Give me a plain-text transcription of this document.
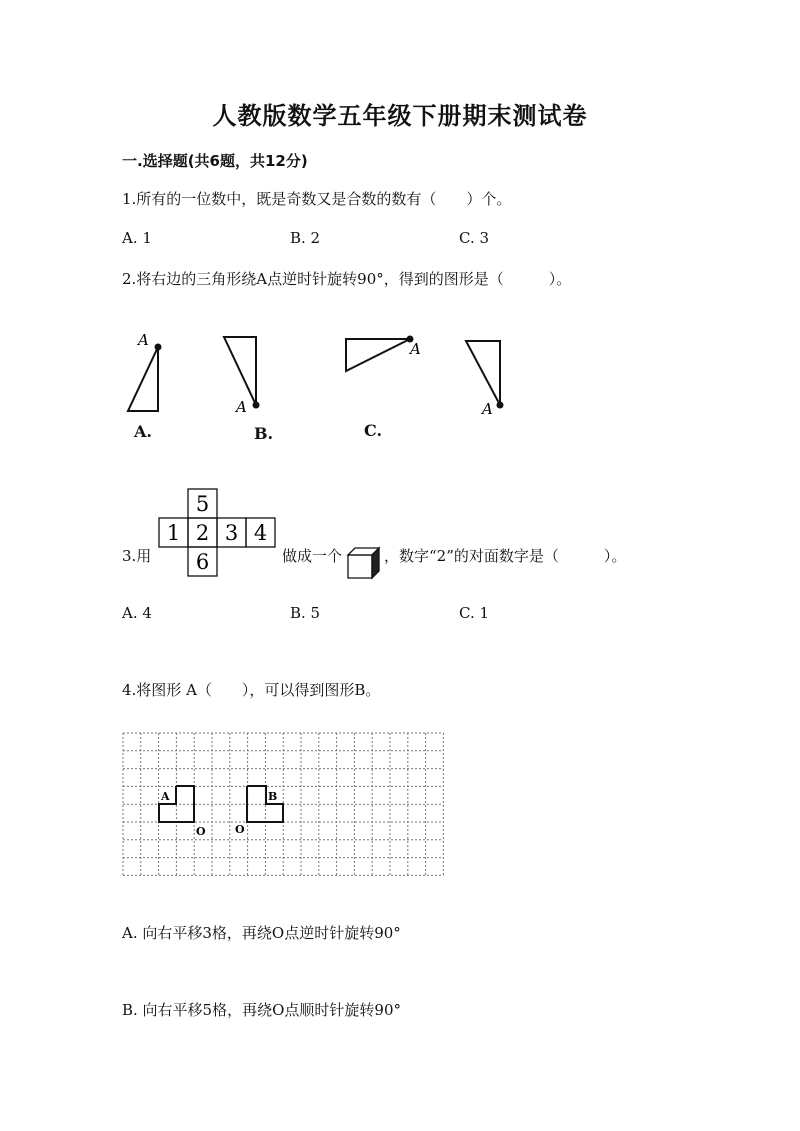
人教版数学五年级下册期末测试卷
一.选择题(共6题，共12分)
1.所有的一位数中，既是奇数又是合数的数有（　　）个。
A. 1	B. 2	C. 3
2.将右边的三角形绕A点逆时针旋转90°，得到的图形是（　　　）。
A
A
A
A
A.	B.	C.
3.用
5
1 2 3 4
6	做成一个	，数字“2”的对面数字是（　　　）。
A. 4	B. 5	C. 1
4.将图形 A（　　），可以得到图形B。
A	B
O	O
A. 向右平移3格，再绕O点逆时针旋转90°
B. 向右平移5格，再绕O点顺时针旋转90°
